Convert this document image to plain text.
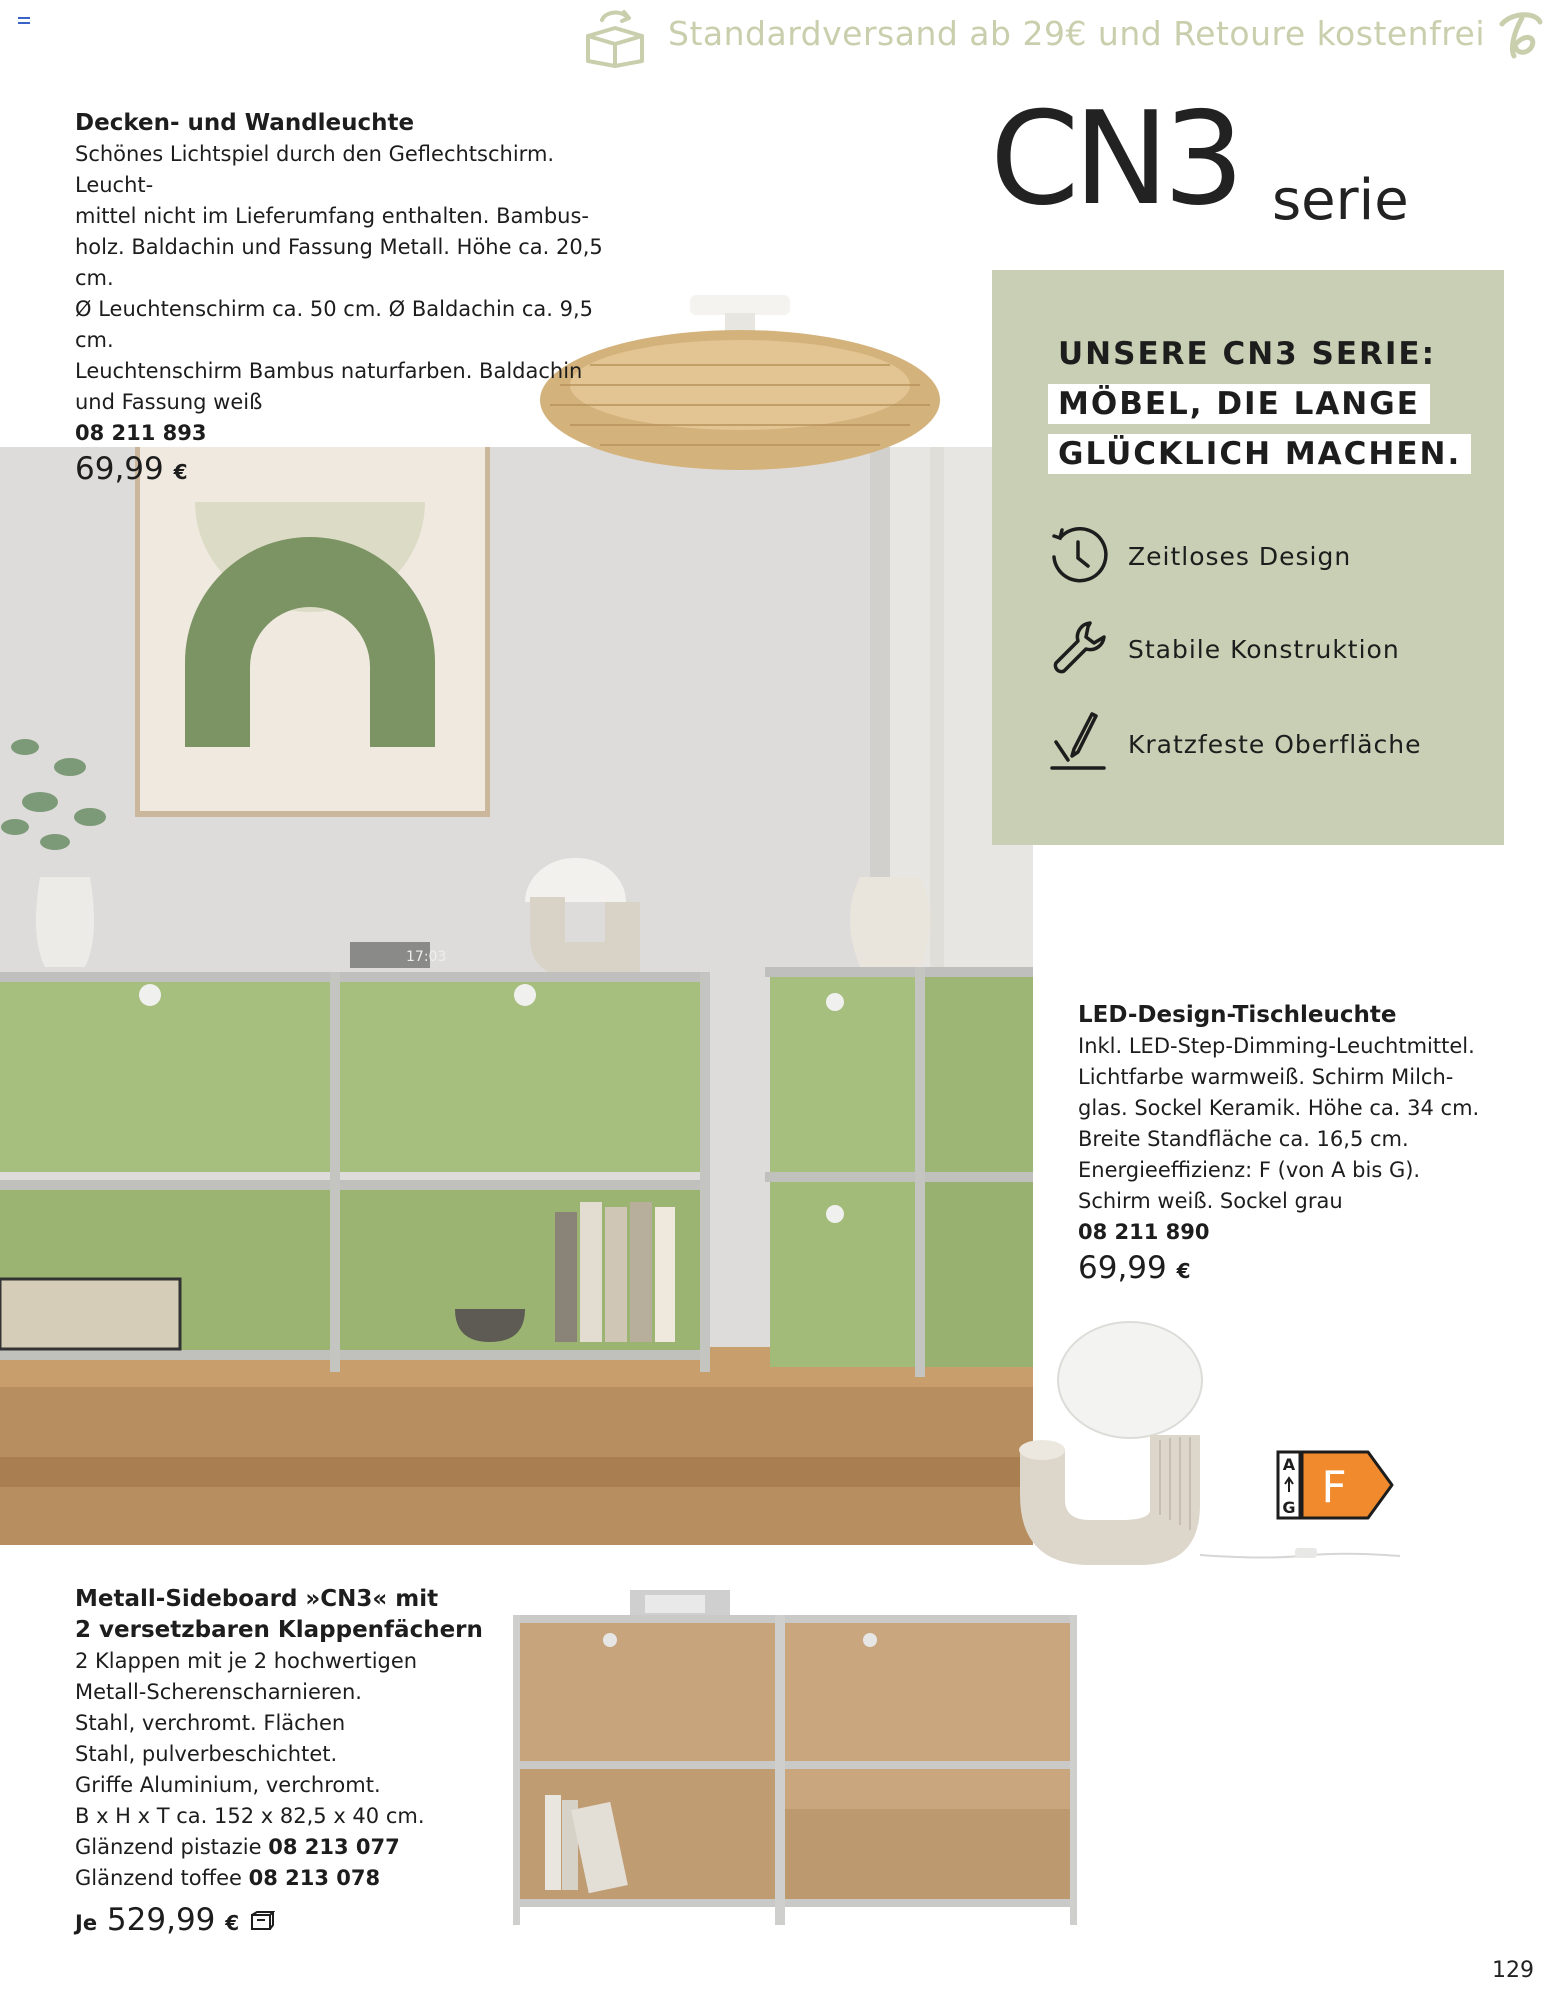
Standardversand ab 29€ und Retoure kostenfrei
17:03
Decken- und Wandleuchte
Schönes Lichtspiel durch den Geflechtschirm. Leucht-
mittel nicht im Lieferumfang enthalten. Bambus-
holz. Baldachin und Fassung Metall. Höhe ca. 20,5 cm.
Ø Leuchtenschirm ca. 50 cm. Ø Baldachin ca. 9,5 cm.
Leuchtenschirm Bambus naturfarben. Baldachin
und Fassung weiß
08 211 893
69,99 €
CN3 serie
UNSERE CN3 SERIE:
MÖBEL, DIE LANGE
GLÜCKLICH MACHEN.
Zeitloses Design
Stabile Konstruktion
Kratzfeste Oberfläche
LED-Design-Tischleuchte
Inkl. LED-Step-Dimming-Leuchtmittel.
Lichtfarbe warmweiß. Schirm Milch-
glas. Sockel Keramik. Höhe ca. 34 cm.
Breite Standfläche ca. 16,5 cm.
Energieeffizienz: F (von A bis G).
Schirm weiß. Sockel grau
08 211 890
69,99 €
A
G F
Metall-Sideboard »CN3« mit
2 versetzbaren Klappenfächern
2 Klappen mit je 2 hochwertigen
Metall-Scherenscharnieren.
Stahl, verchromt. Flächen
Stahl, pulverbeschichtet.
Griffe Aluminium, verchromt.
B x H x T ca. 152 x 82,5 x 40 cm.
Glänzend pistazie 08 213 077
Glänzend toffee 08 213 078
Je 529,99 €
129
